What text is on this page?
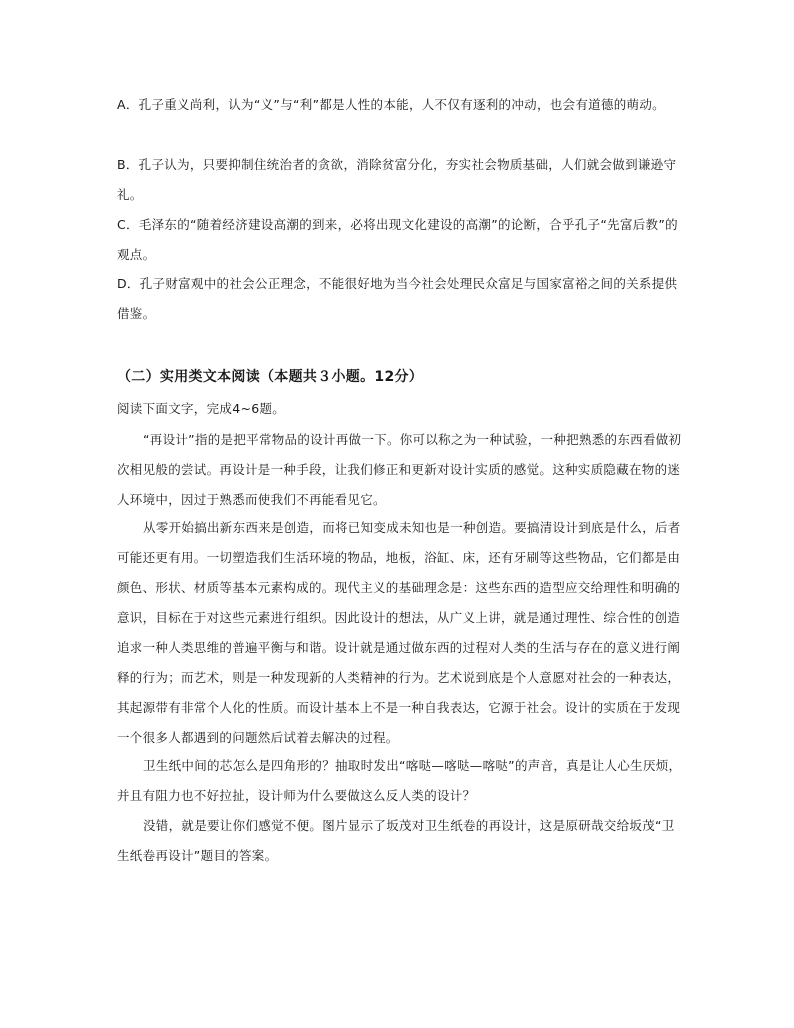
A．孔子重义尚利，认为“义”与“利”都是人性的本能，人不仅有逐利的冲动，也会有道德的萌动。

B．孔子认为，只要抑制住统治者的贪欲，消除贫富分化，夯实社会物质基础，人们就会做到谦逊守礼。

C．毛泽东的“随着经济建设高潮的到来，必将出现文化建设的高潮”的论断，合乎孔子“先富后教”的观点。

D．孔子财富观中的社会公正理念，不能很好地为当今社会处理民众富足与国家富裕之间的关系提供借鉴。

（二）实用类文本阅读（本题共３小题。12分）

阅读下面文字，完成4~6题。

“再设计”指的是把平常物品的设计再做一下。你可以称之为一种试验，一种把熟悉的东西看做初次相见般的尝试。再设计是一种手段，让我们修正和更新对设计实质的感觉。这种实质隐藏在物的迷人环境中，因过于熟悉而使我们不再能看见它。

从零开始搞出新东西来是创造，而将已知变成未知也是一种创造。要搞清设计到底是什么，后者可能还更有用。一切塑造我们生活环境的物品，地板，浴缸、床，还有牙刷等这些物品，它们都是由颜色、形状、材质等基本元素构成的。现代主义的基础理念是：这些东西的造型应交给理性和明确的意识，目标在于对这些元素进行组织。因此设计的想法，从广义上讲，就是通过理性、综合性的创造追求一种人类思维的普遍平衡与和谐。设计就是通过做东西的过程对人类的生活与存在的意义进行阐释的行为；而艺术，则是一种发现新的人类精神的行为。艺术说到底是个人意愿对社会的一种表达，其起源带有非常个人化的性质。而设计基本上不是一种自我表达，它源于社会。设计的实质在于发现一个很多人都遇到的问题然后试着去解决的过程。

卫生纸中间的芯怎么是四角形的？抽取时发出“喀哒—喀哒—喀哒”的声音，真是让人心生厌烦，并且有阻力也不好拉扯，设计师为什么要做这么反人类的设计？

没错，就是要让你们感觉不便。图片显示了坂茂对卫生纸卷的再设计，这是原研哉交给坂茂“卫生纸卷再设计”题目的答案。
